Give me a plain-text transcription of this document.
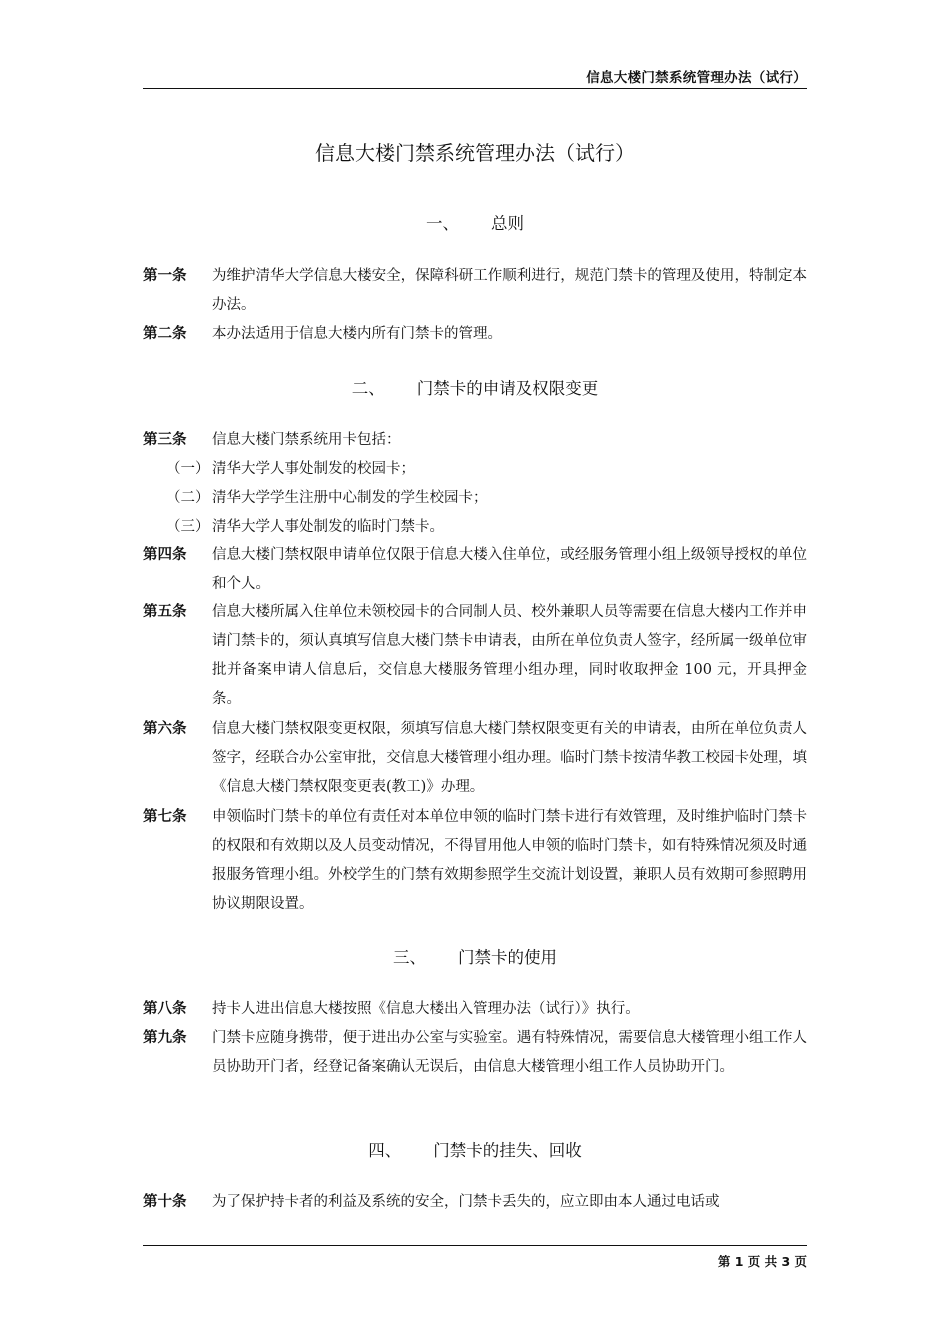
信息大楼门禁系统管理办法（试行）
信息大楼门禁系统管理办法（试行）
一、 总则
第一条	为维护清华大学信息大楼安全，保障科研工作顺利进行，规范门禁卡的管理及使用，特制定本办法。
第二条	本办法适用于信息大楼内所有门禁卡的管理。
二、 门禁卡的申请及权限变更
第三条	信息大楼门禁系统用卡包括：
（一） 清华大学人事处制发的校园卡；
（二） 清华大学学生注册中心制发的学生校园卡；
（三） 清华大学人事处制发的临时门禁卡。
第四条	信息大楼门禁权限申请单位仅限于信息大楼入住单位，或经服务管理小组上级领导授权的单位和个人。
第五条	信息大楼所属入住单位未领校园卡的合同制人员、校外兼职人员等需要在信息大楼内工作并申请门禁卡的，须认真填写信息大楼门禁卡申请表，由所在单位负责人签字，经所属一级单位审批并备案申请人信息后，交信息大楼服务管理小组办理，同时收取押金 100 元，开具押金条。
第六条	信息大楼门禁权限变更权限，须填写信息大楼门禁权限变更有关的申请表，由所在单位负责人签字，经联合办公室审批，交信息大楼管理小组办理。临时门禁卡按清华教工校园卡处理，填《信息大楼门禁权限变更表(教工)》办理。
第七条	申领临时门禁卡的单位有责任对本单位申领的临时门禁卡进行有效管理，及时维护临时门禁卡的权限和有效期以及人员变动情况，不得冒用他人申领的临时门禁卡，如有特殊情况须及时通报服务管理小组。外校学生的门禁有效期参照学生交流计划设置，兼职人员有效期可参照聘用协议期限设置。
三、 门禁卡的使用
第八条	持卡人进出信息大楼按照《信息大楼出入管理办法（试行）》执行。
第九条	门禁卡应随身携带，便于进出办公室与实验室。遇有特殊情况，需要信息大楼管理小组工作人员协助开门者，经登记备案确认无误后，由信息大楼管理小组工作人员协助开门。
四、 门禁卡的挂失、回收
第十条	为了保护持卡者的利益及系统的安全，门禁卡丢失的，应立即由本人通过电话或
第 1 页 共 3 页
